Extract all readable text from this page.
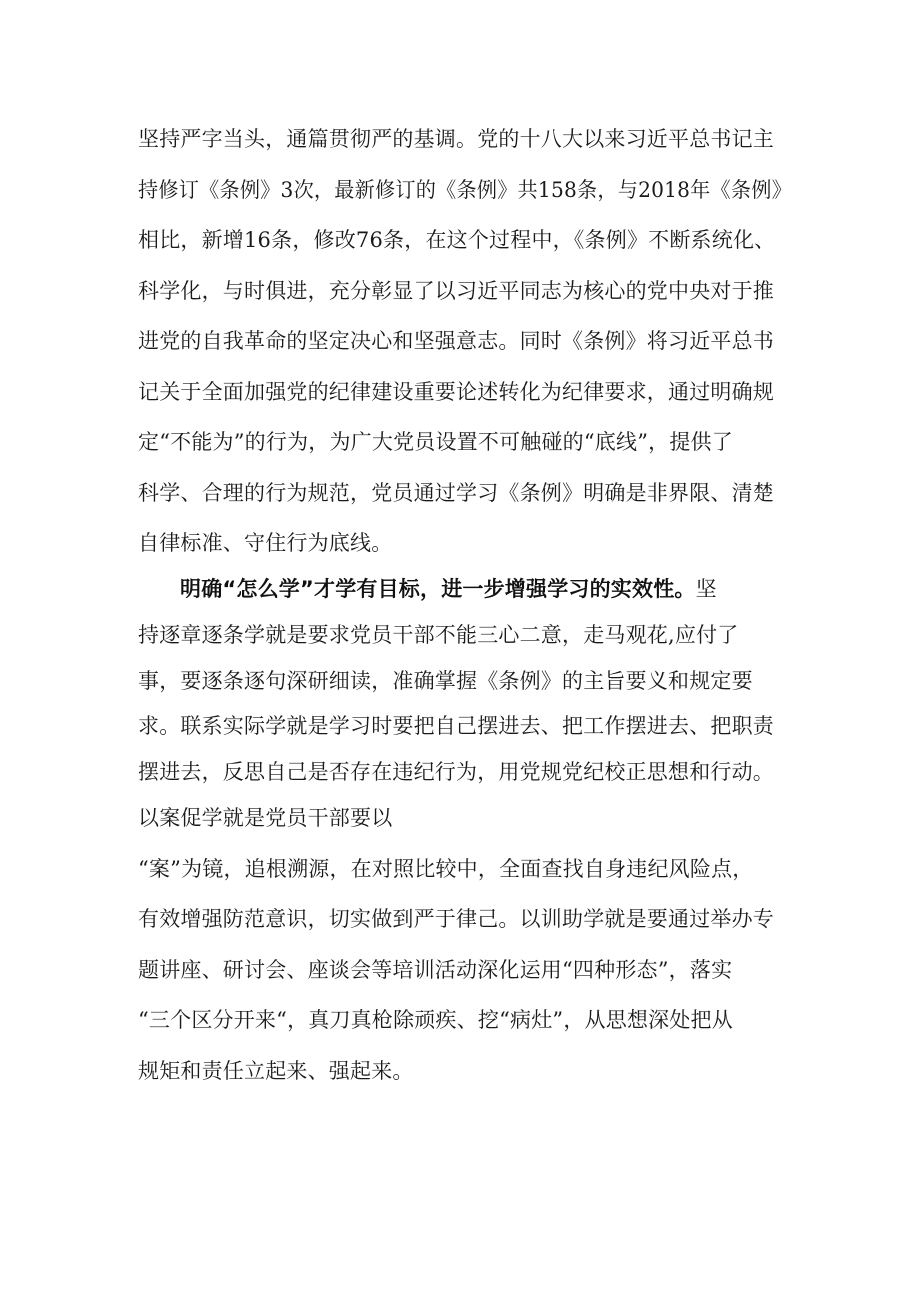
坚持严字当头，通篇贯彻严的基调。党的十八大以来习近平总书记主
持修订《条例》3次，最新修订的《条例》共158条，与2018年《条例》
相比，新增16条，修改76条，在这个过程中，《条例》不断系统化、
科学化，与时俱进，充分彰显了以习近平同志为核心的党中央对于推
进党的自我革命的坚定决心和坚强意志。同时《条例》将习近平总书
记关于全面加强党的纪律建设重要论述转化为纪律要求，通过明确规
定“不能为”的行为，为广大党员设置不可触碰的“底线”，提供了
科学、合理的行为规范，党员通过学习《条例》明确是非界限、清楚
自律标准、守住行为底线。
明确“怎么学”才学有目标，进一步增强学习的实效性。坚
持逐章逐条学就是要求党员干部不能三心二意，走马观花,应付了
事，要逐条逐句深研细读，准确掌握《条例》的主旨要义和规定要
求。联系实际学就是学习时要把自己摆进去、把工作摆进去、把职责
摆进去，反思自己是否存在违纪行为，用党规党纪校正思想和行动。
以案促学就是党员干部要以
“案”为镜，追根溯源，在对照比较中，全面查找自身违纪风险点，
有效增强防范意识，切实做到严于律己。以训助学就是要通过举办专
题讲座、研讨会、座谈会等培训活动深化运用“四种形态”，落实
“三个区分开来“，真刀真枪除顽疾、挖“病灶”，从思想深处把从
规矩和责任立起来、强起来。
